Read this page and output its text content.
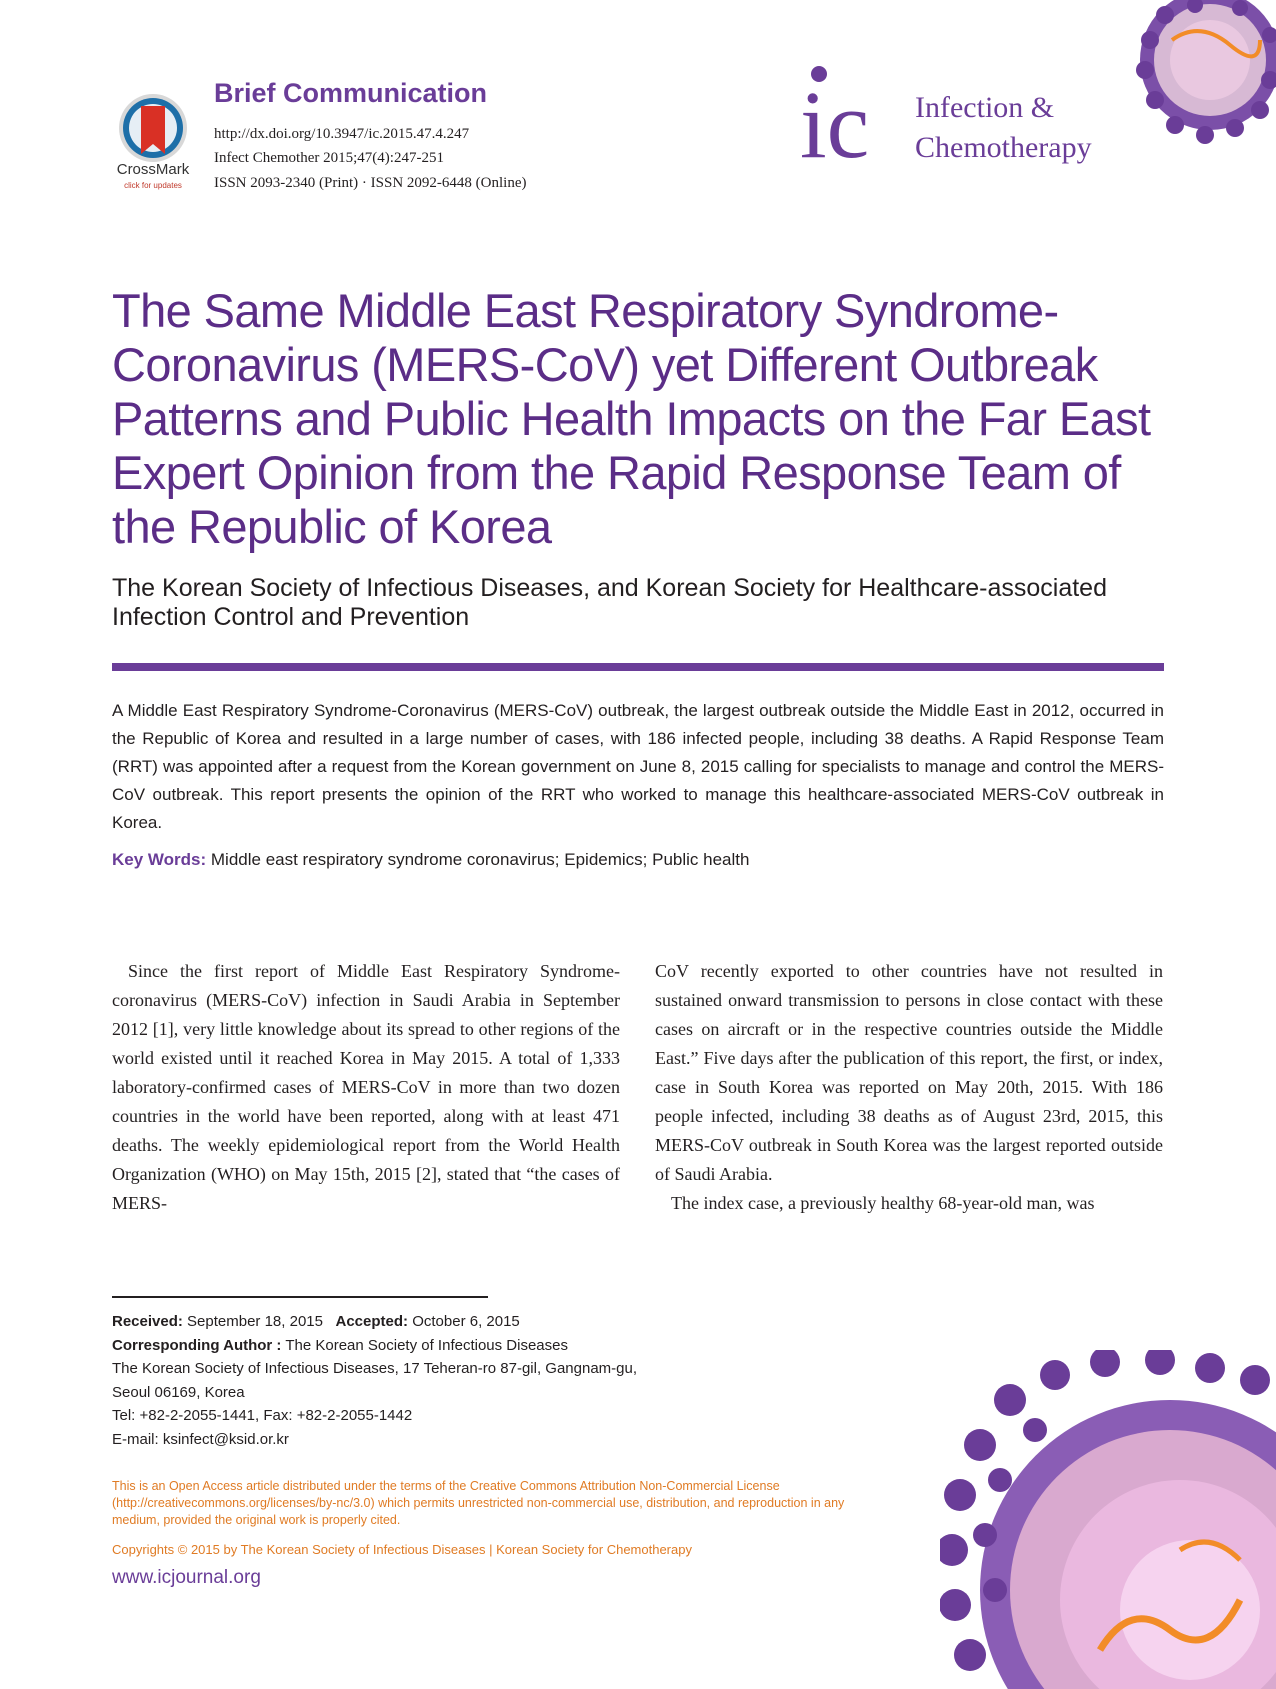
CrossMark
click for updates
Brief Communication
http://dx.doi.org/10.3947/ic.2015.47.4.247
Infect Chemother 2015;47(4):247-251
ISSN 2093-2340 (Print) · ISSN 2092-6448 (Online)
ic Infection &
Chemotherapy
The Same Middle East Respiratory Syndrome-Coronavirus (MERS-CoV) yet Different Outbreak Patterns and Public Health Impacts on the Far East Expert Opinion from the Rapid Response Team of the Republic of Korea
The Korean Society of Infectious Diseases, and Korean Society for Healthcare-associated Infection Control and Prevention
A Middle East Respiratory Syndrome-Coronavirus (MERS-CoV) outbreak, the largest outbreak outside the Middle East in 2012, occurred in the Republic of Korea and resulted in a large number of cases, with 186 infected people, including 38 deaths. A Rapid Response Team (RRT) was appointed after a request from the Korean government on June 8, 2015 calling for specialists to manage and control the MERS-CoV outbreak. This report presents the opinion of the RRT who worked to manage this healthcare-associated MERS-CoV outbreak in Korea.
Key Words: Middle east respiratory syndrome coronavirus; Epidemics; Public health

Since the first report of Middle East Respiratory Syndrome-coronavirus (MERS-CoV) infection in Saudi Arabia in September 2012 [1], very little knowledge about its spread to other regions of the world existed until it reached Korea in May 2015. A total of 1,333 laboratory-confirmed cases of MERS-CoV in more than two dozen countries in the world have been reported, along with at least 471 deaths. The weekly epidemiological report from the World Health Organization (WHO) on May 15th, 2015 [2], stated that “the cases of MERS-

CoV recently exported to other countries have not resulted in sustained onward transmission to persons in close contact with these cases on aircraft or in the respective countries outside the Middle East.” Five days after the publication of this report, the first, or index, case in South Korea was reported on May 20th, 2015. With 186 people infected, including 38 deaths as of August 23rd, 2015, this MERS-CoV outbreak in South Korea was the largest reported outside of Saudi Arabia.

The index case, a previously healthy 68-year-old man, was

Received: September 18, 2015 Accepted: October 6, 2015
Corresponding Author : The Korean Society of Infectious Diseases
The Korean Society of Infectious Diseases, 17 Teheran-ro 87-gil, Gangnam-gu,
Seoul 06169, Korea
Tel: +82-2-2055-1441, Fax: +82-2-2055-1442
E-mail: ksinfect@ksid.or.kr
This is an Open Access article distributed under the terms of the Creative Commons Attribution Non-Commercial License (http://creativecommons.org/licenses/by-nc/3.0) which permits unrestricted non-commercial use, distribution, and reproduction in any medium, provided the original work is properly cited.
Copyrights © 2015 by The Korean Society of Infectious Diseases | Korean Society for Chemotherapy
www.icjournal.org
